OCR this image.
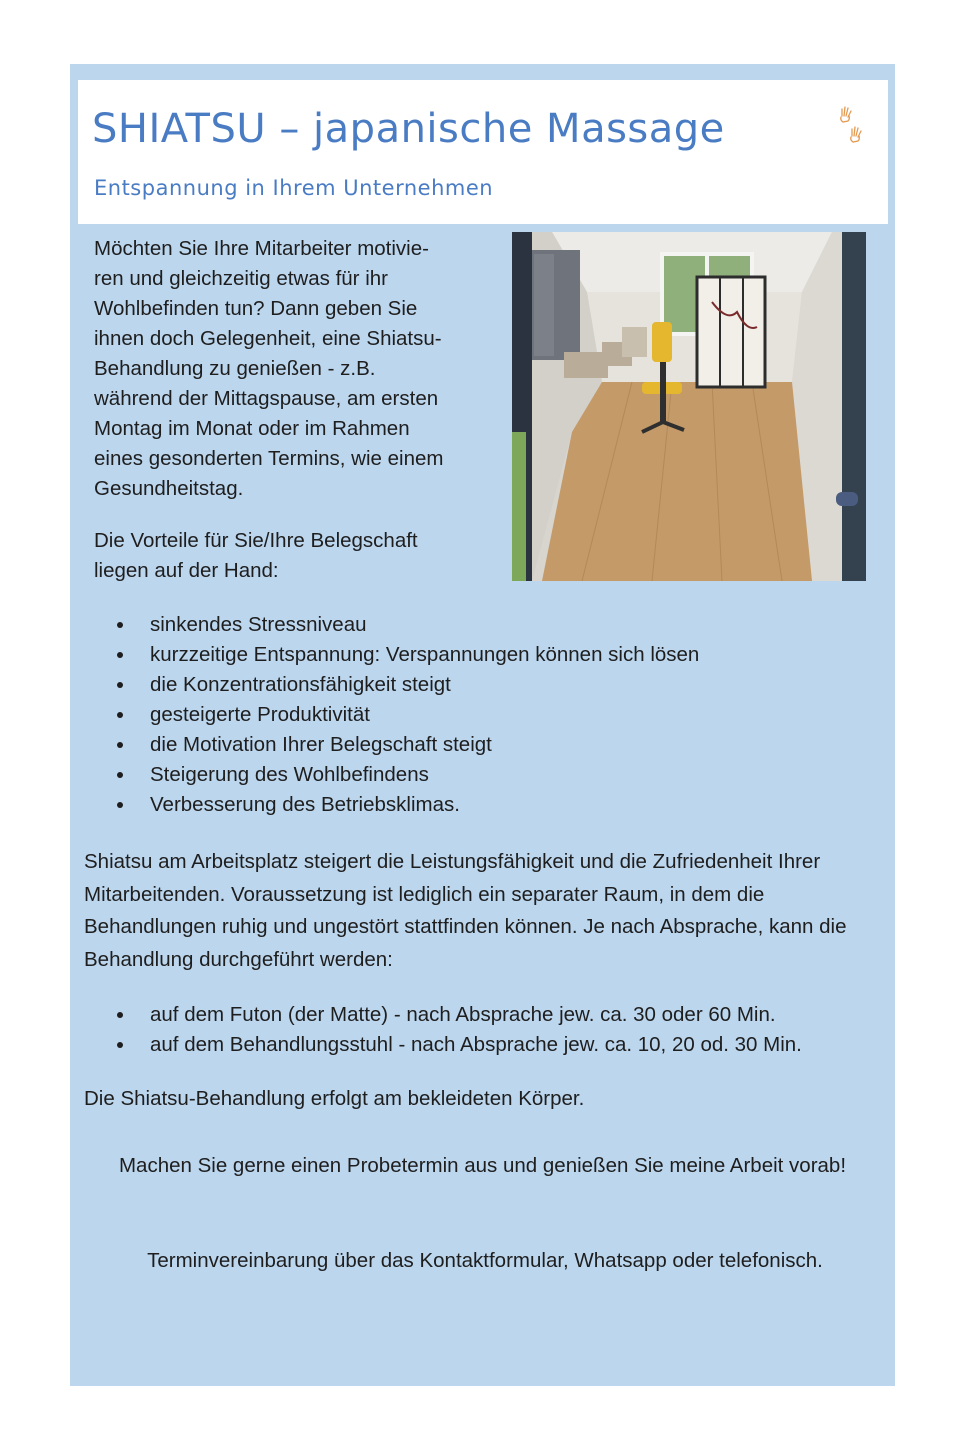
SHIATSU – japanische Massage
Entspannung in Ihrem Unternehmen

Möchten Sie Ihre Mitarbeiter motivie-
ren und gleichzeitig etwas für ihr
Wohlbefinden tun? Dann geben Sie
ihnen doch Gelegenheit, eine Shiatsu-
Behandlung zu genießen - z.B.
während der Mittagspause, am ersten
Montag im Monat oder im Rahmen
eines gesonderten Termins, wie einem
Gesundheitstag.

Die Vorteile für Sie/Ihre Belegschaft
liegen auf der Hand:

sinkendes Stressniveau
kurzzeitige Entspannung: Verspannungen können sich lösen
die Konzentrationsfähigkeit steigt
gesteigerte Produktivität
die Motivation Ihrer Belegschaft steigt
Steigerung des Wohlbefindens
Verbesserung des Betriebsklimas.

Shiatsu am Arbeitsplatz steigert die Leistungsfähigkeit und die Zufriedenheit Ihrer Mitarbeitenden. Voraussetzung ist lediglich ein separater Raum, in dem die Behandlungen ruhig und ungestört stattfinden können. Je nach Absprache, kann die Behandlung durchgeführt werden:

auf dem Futon (der Matte) - nach Absprache jew. ca. 30 oder 60 Min.
auf dem Behandlungsstuhl - nach Absprache jew. ca. 10, 20 od. 30 Min.

Die Shiatsu-Behandlung erfolgt am bekleideten Körper.

Machen Sie gerne einen Probetermin aus und genießen Sie meine Arbeit vorab!

Terminvereinbarung über das Kontaktformular, Whatsapp oder telefonisch.
